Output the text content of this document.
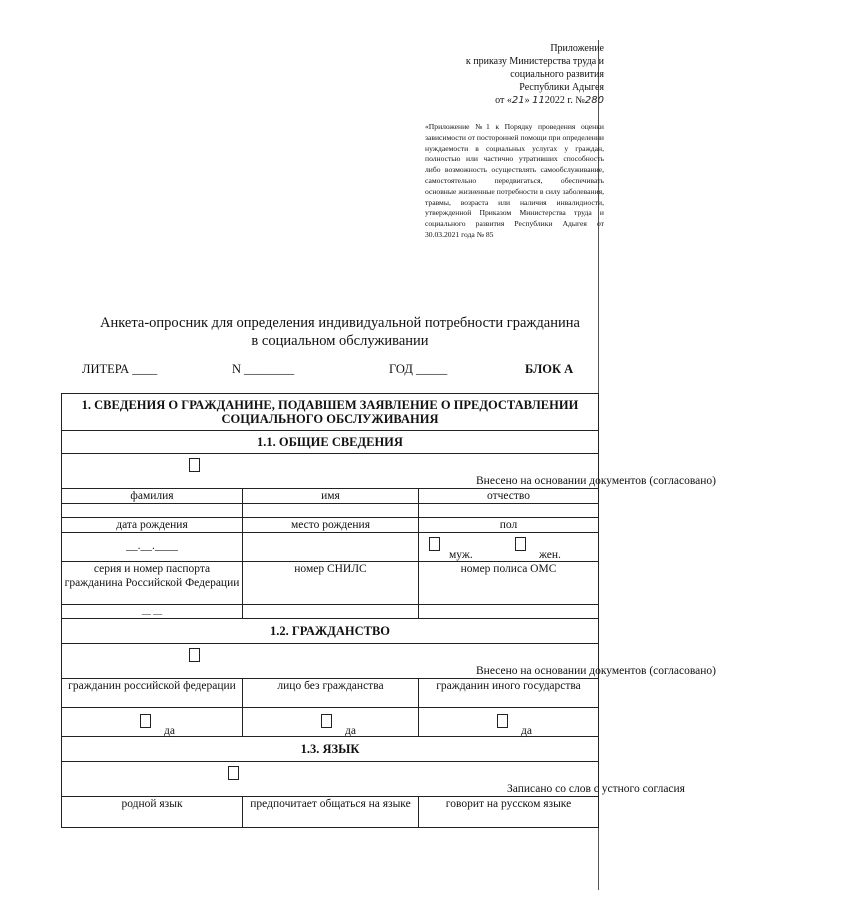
Приложение
к приказу Министерства труда и
социального развития
Республики Адыгея
от «21» 112022 г. №280
«Приложение №1 к Порядку проведения оценки зависимости от посторонней помощи при определении нуждаемости в социальных услугах у граждан, полностью или частично утративших способность либо возможность осуществлять самообслуживание, самостоятельно передвигаться, обеспечивать основные жизненные потребности в силу заболевания, травмы, возраста или наличия инвалидности, утвержденной Приказом Министерства труда и социального развития Республики Адыгея от 30.03.2021 года № 85
Анкета-опросник для определения индивидуальной потребности гражданина
в социальном обслуживании
ЛИТЕРА ____	N ________	ГОД _____	БЛОК А
1. СВЕДЕНИЯ О ГРАЖДАНИНЕ, ПОДАВШЕМ ЗАЯВЛЕНИЕ О ПРЕДОСТАВЛЕНИИ СОЦИАЛЬНОГО ОБСЛУЖИВАНИЯ		
1.1. ОБЩИЕ СВЕДЕНИЯ		

Внесено на основании документов (согласовано)		

фамилия	имя	отчество

дата рождения	место рождения	пол
__.__.____		муж. жен.

серия и номер паспорта гражданина Российской Федерации	номер СНИЛС	номер полиса ОМС
__ __		
1.2. ГРАЖДАНСТВО		

Внесено на основании документов (согласовано)		

гражданин российской федерации	лицо без гражданства	гражданин иного государства

да	да	да

1.3. ЯЗЫК		

Записано со слов с устного согласия		

родной язык	предпочитает общаться на языке	говорит на русском языке
